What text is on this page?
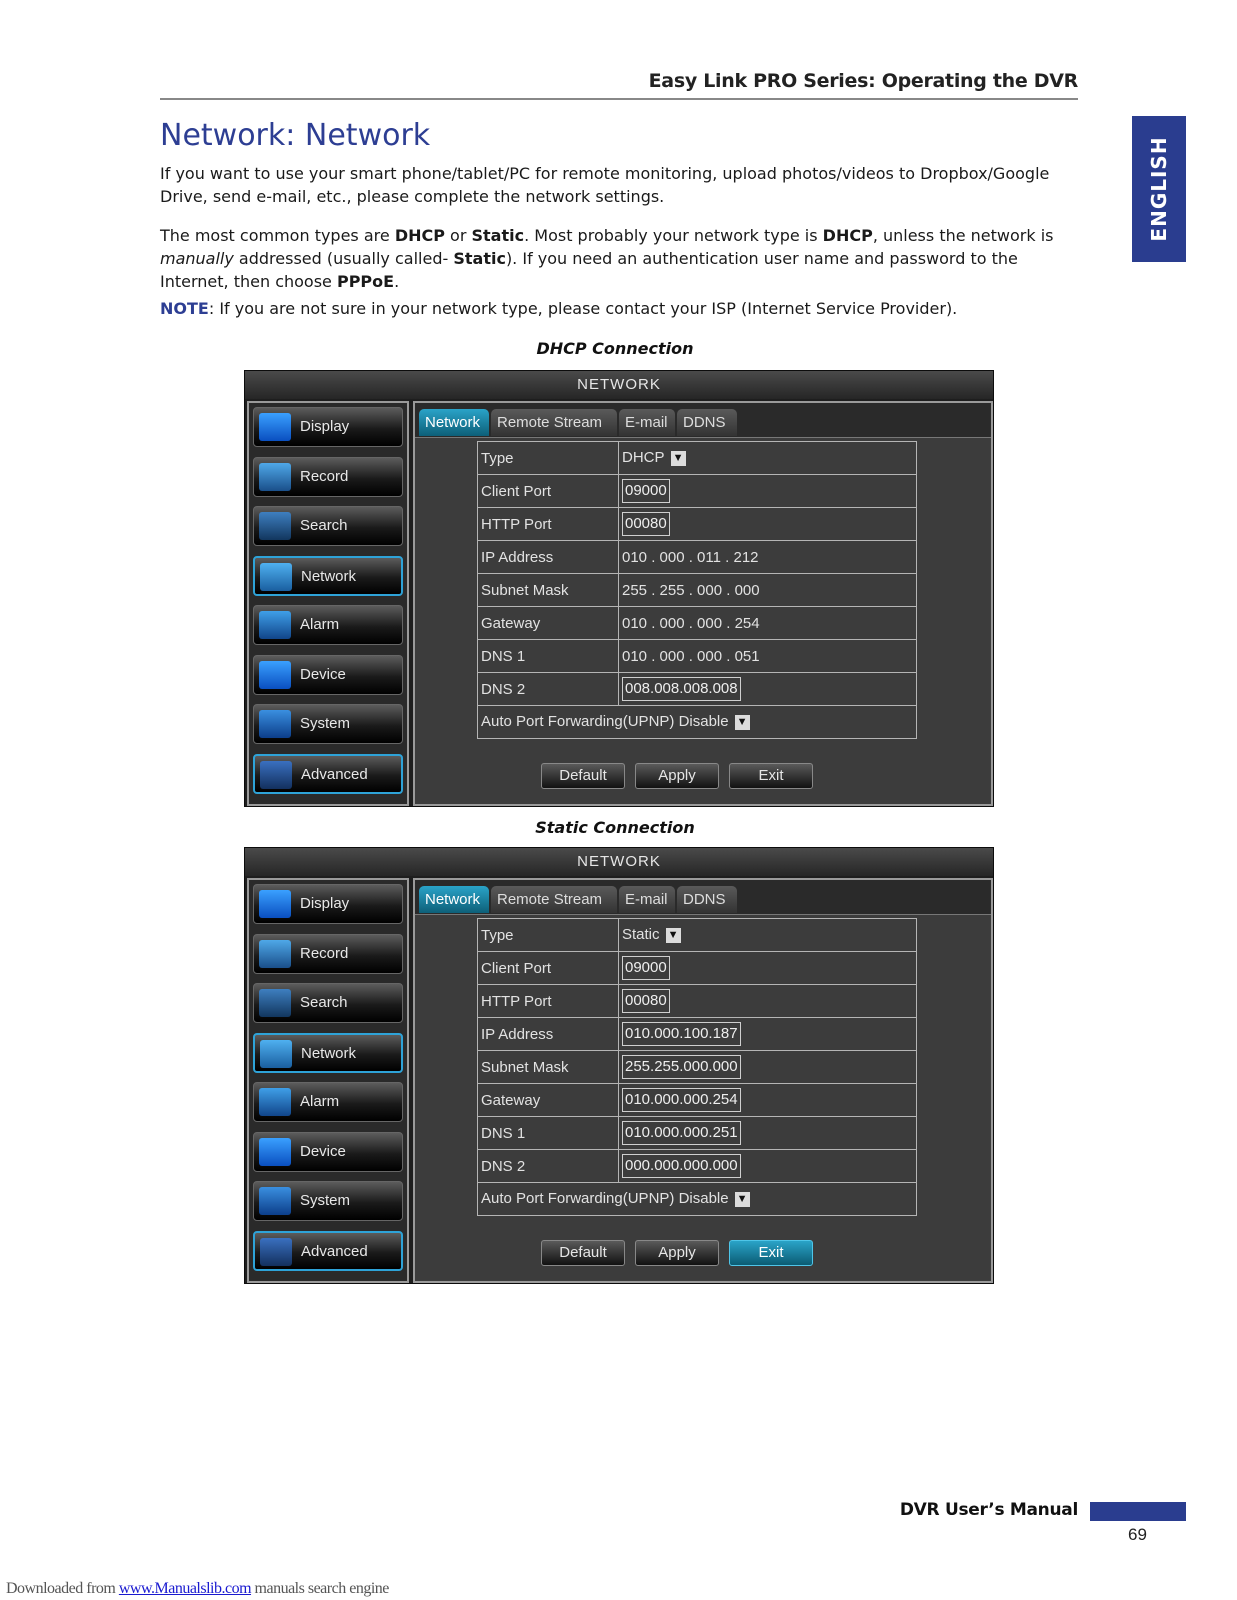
Easy Link PRO Series: Operating the DVR
ENGLISH
Network: Network
If you want to use your smart phone/tablet/PC for remote monitoring, upload photos/videos to Dropbox/Google Drive, send e-mail, etc., please complete the network settings.
The most common types are DHCP or Static. Most probably your network type is DHCP, unless the network is manually addressed (usually called- Static). If you need an authentication user name and password to the Internet, then choose PPPoE.
NOTE: If you are not sure in your network type, please contact your ISP (Internet Service Provider).
DHCP Connection
Static Connection
NETWORK
Display
Record
Search
Network
Alarm
Device
System
Advanced
Network	Remote Stream	E-mail	DDNS
Type	DHCP ▼
Client Port	09000
HTTP Port	00080
IP Address	010 . 000 . 011 . 212
Subnet Mask	255 . 255 . 000 . 000
Gateway	010 . 000 . 000 . 254
DNS 1	010 . 000 . 000 . 051
DNS 2	008.008.008.008
Auto Port Forwarding(UPNP) Disable ▼	
Default	Apply	Exit
NETWORK
Display
Record
Search
Network
Alarm
Device
System
Advanced
Network	Remote Stream	E-mail	DDNS
Type	Static ▼
Client Port	09000
HTTP Port	00080
IP Address	010.000.100.187
Subnet Mask	255.255.000.000
Gateway	010.000.000.254
DNS 1	010.000.000.251
DNS 2	000.000.000.000
Auto Port Forwarding(UPNP) Disable ▼	
Default	Apply	Exit
DVR User’s Manual
69
Downloaded from www.Manualslib.com manuals search engine
